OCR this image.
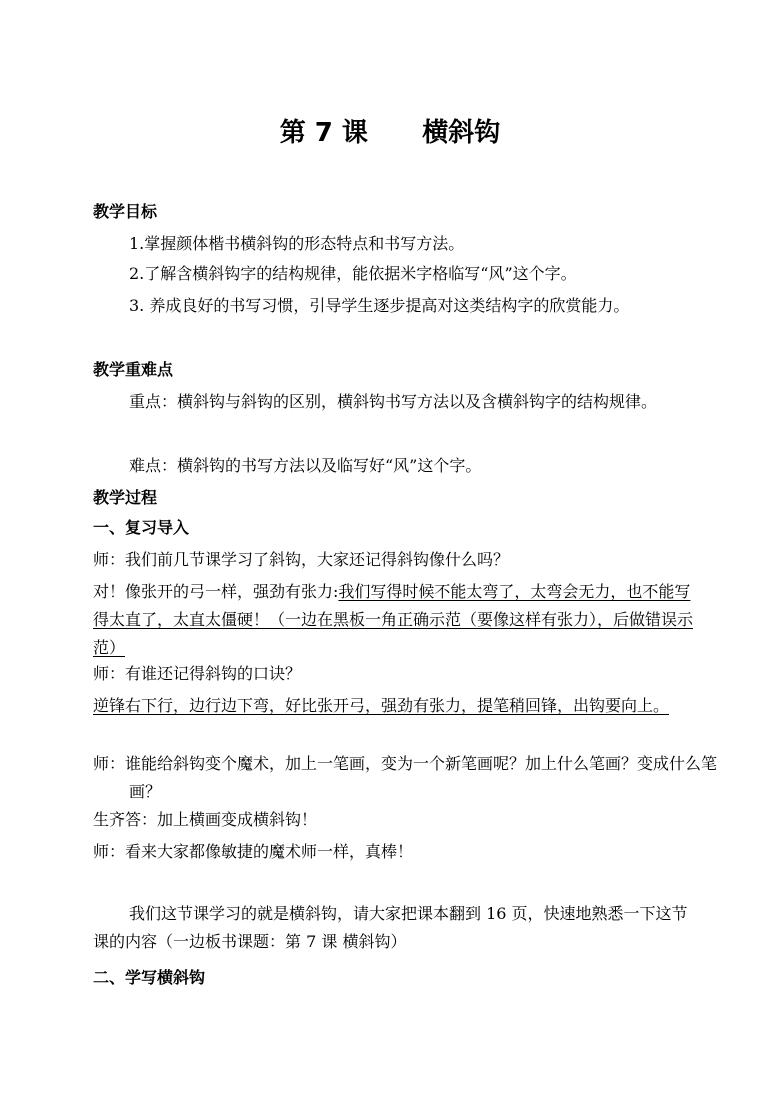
第 7 课      横斜钩
教学目标
1.掌握颜体楷书横斜钩的形态特点和书写方法。
2.了解含横斜钩字的结构规律，能依据米字格临写“风”这个字。
3. 养成良好的书写习惯，引导学生逐步提高对这类结构字的欣赏能力。
教学重难点
重点：横斜钩与斜钩的区别，横斜钩书写方法以及含横斜钩字的结构规律。
难点：横斜钩的书写方法以及临写好“风”这个字。
教学过程
一、复习导入
师：我们前几节课学习了斜钩，大家还记得斜钩像什么吗？
对！像张开的弓一样，强劲有张力:我们写得时候不能太弯了，太弯会无力，也不能写得太直了，太直太僵硬！（一边在黑板一角正确示范（要像这样有张力），后做错误示范）
师：有谁还记得斜钩的口诀？
逆锋右下行，边行边下弯，好比张开弓，强劲有张力，提笔稍回锋，出钩要向上。
师：谁能给斜钩变个魔术，加上一笔画，变为一个新笔画呢？加上什么笔画？变成什么笔画？
生齐答：加上横画变成横斜钩！
师：看来大家都像敏捷的魔术师一样，真棒！
我们这节课学习的就是横斜钩，请大家把课本翻到 16 页，快速地熟悉一下这节课的内容（一边板书课题：第 7 课 横斜钩）
二、学写横斜钩
